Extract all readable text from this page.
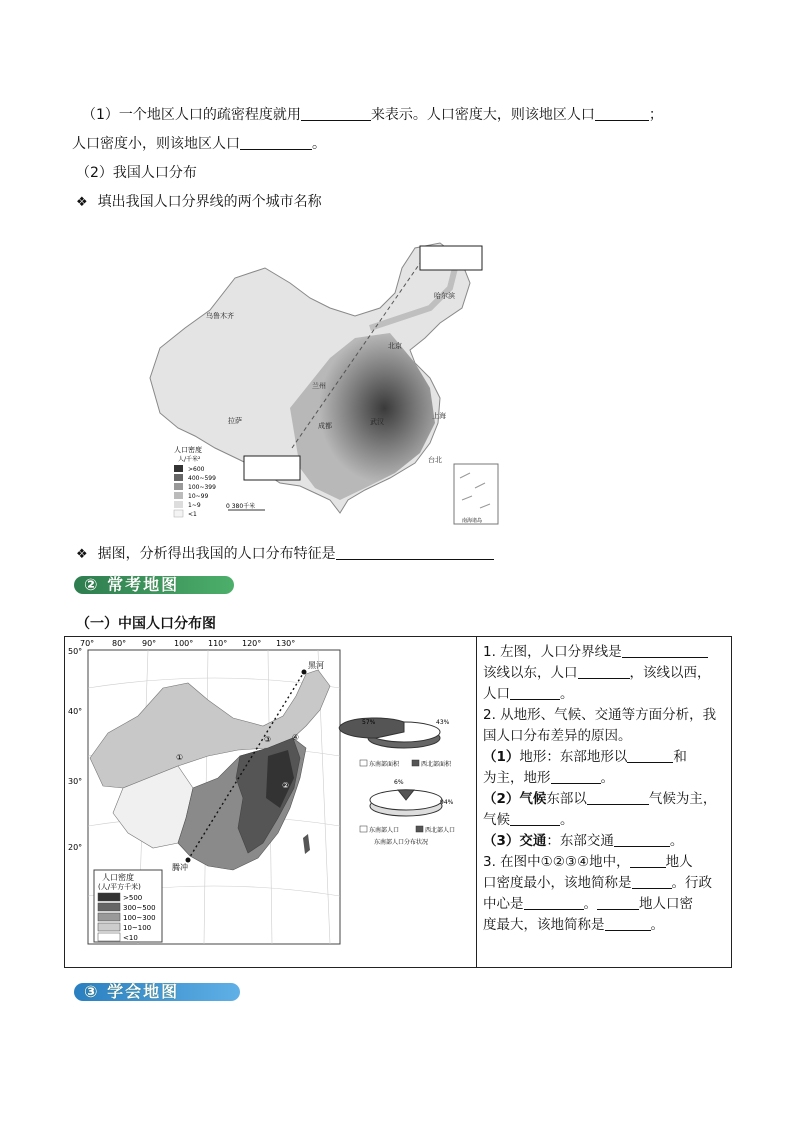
（1）一个地区人口的疏密程度就用	来表示。人口密度大，则该地区人口	；
人口密度小，则该地区人口	。
（2）我国人口分布
❖ 填出我国人口分界线的两个城市名称
乌鲁木齐
哈尔滨
北京
兰州
成都	武汉
上海
拉萨
台北
人口密度
人/千米²
>600
400~599
100~399
10~99
1~9
<1
0 380千米
南海诸岛
❖ 据图，分析得出我国的人口分布特征是
② 常考地图
（一）中国人口分布图
70° 80° 90° 100° 110° 120° 130°
50°
40°
30°
20°
黑河
腾冲
①
③	④
②
人口密度
(人/平方千米)
>500
300~500
100~300
10~100
<10
57%	43%
东南部面积	西北部面积
6%
94%
东南部人口	西北部人口
东南部人口分布状况
1. 左图，人口分界线是
该线以东，人口	，该线以西，
人口	。
2. 从地形、气候、交通等方面分析，我
国人口分布差异的原因。
（1）地形：东部地形以	和
为主，地形	。
（2）气候东部以	气候为主，
气候	。
（3）交通：东部交通	。
3. 在图中①②③④地中，	地人
口密度最小，该地简称是	。行政
中心是	。	地人口密
度最大，该地简称是	。
③ 学会地图
